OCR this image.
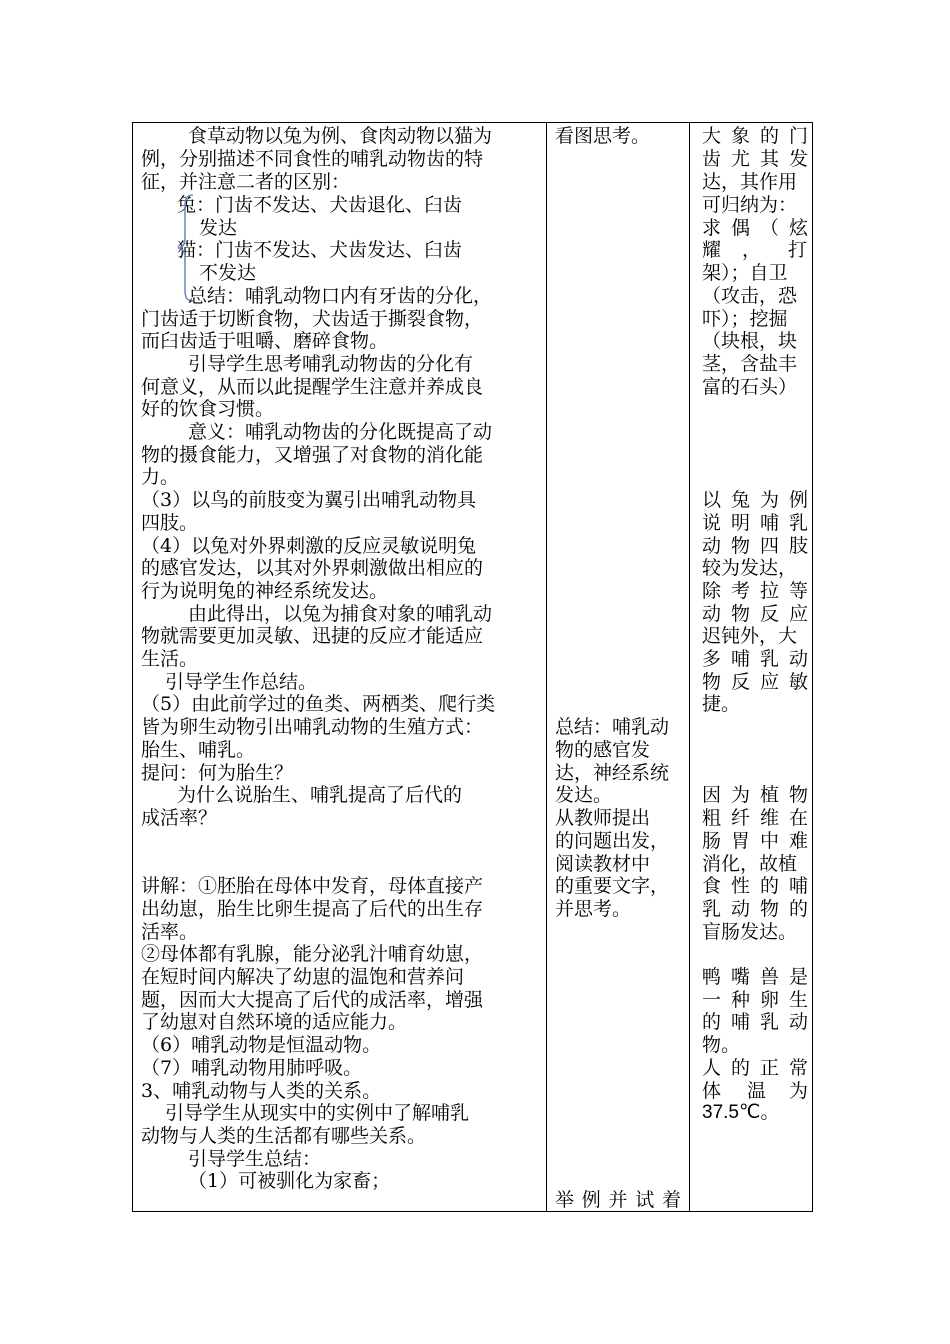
食草动物以兔为例、食肉动物以猫为
例，分别描述不同食性的哺乳动物齿的特
征，并注意二者的区别：
兔：门齿不发达、犬齿退化、臼齿
发达
猫：门齿不发达、犬齿发达、臼齿
不发达
总结：哺乳动物口内有牙齿的分化，
门齿适于切断食物，犬齿适于撕裂食物，
而臼齿适于咀嚼、磨碎食物。
引导学生思考哺乳动物齿的分化有
何意义，从而以此提醒学生注意并养成良
好的饮食习惯。
意义：哺乳动物齿的分化既提高了动
物的摄食能力，又增强了对食物的消化能
力。
（3）以鸟的前肢变为翼引出哺乳动物具
四肢。
（4）以兔对外界刺激的反应灵敏说明兔
的感官发达，以其对外界刺激做出相应的
行为说明兔的神经系统发达。
由此得出，以兔为捕食对象的哺乳动
物就需要更加灵敏、迅捷的反应才能适应
生活。
引导学生作总结。
（5）由此前学过的鱼类、两栖类、爬行类
皆为卵生动物引出哺乳动物的生殖方式：
胎生、哺乳。
提问：何为胎生？
为什么说胎生、哺乳提高了后代的
成活率？
讲解：①胚胎在母体中发育，母体直接产
出幼崽，胎生比卵生提高了后代的出生存
活率。
②母体都有乳腺，能分泌乳汁哺育幼崽，
在短时间内解决了幼崽的温饱和营养问
题，因而大大提高了后代的成活率，增强
了幼崽对自然环境的适应能力。
（6）哺乳动物是恒温动物。
（7）哺乳动物用肺呼吸。
3、哺乳动物与人类的关系。
引导学生从现实中的实例中了解哺乳
动物与人类的生活都有哪些关系。
引导学生总结：
（1）可被驯化为家畜；
看图思考。
总结：哺乳动
物的感官发
达，神经系统
发达。
从教师提出
的问题出发，
阅读教材中
的重要文字，
并思考。
举例并试着
大象的门
齿尤其发
达，其作用
可归纳为：
求偶（炫
耀 ， 打
架）；自卫
（攻击，恐
吓）；挖掘
（块根，块
茎，含盐丰
富的石头）
以兔为例
说明哺乳
动物四肢
较为发达，
除考拉等
动物反应
迟钝外，大
多哺乳动
物反应敏
捷。
因为植物
粗纤维在
肠胃中难
消化，故植
食性的哺
乳动物的
盲肠发达。
鸭嘴兽是
一种卵生
的哺乳动
物。
人的正常
体 温 为
37.5℃。
